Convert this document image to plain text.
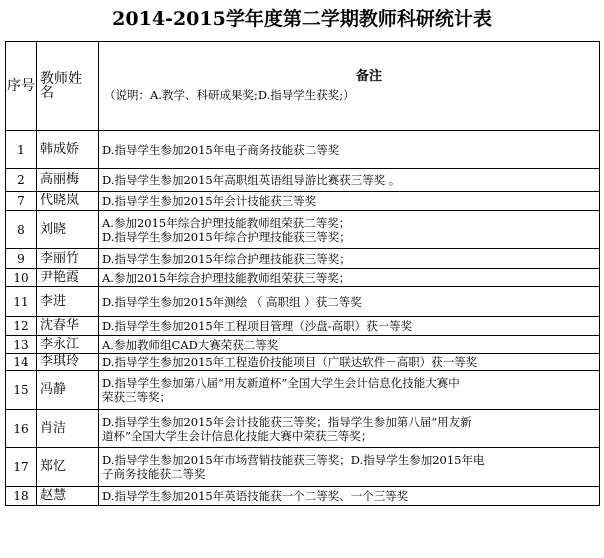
2014-2015学年度第二学期教师科研统计表
序号	教师姓名	备注
（说明：A.教学、科研成果奖;D.指导学生获奖;）

1	韩成娇	D.指导学生参加2015年电子商务技能获二等奖

2	高丽梅	D.指导学生参加2015年高职组英语组导游比赛获三等奖 。

7	代晓岚	D.指导学生参加2015年会计技能获三等奖

8	刘晓	A.参加2015年综合护理技能教师组荣获二等奖；
D.指导学生参加2015年综合护理技能获三等奖；

9	李丽竹	D.指导学生参加2015年综合护理技能获三等奖；

10	尹艳霞	A.参加2015年综合护理技能教师组荣获三等奖；

11	李进	D.指导学生参加2015年测绘 （ 高职组 ）获二等奖

12	沈春华	D.指导学生参加2015年工程项目管理（沙盘-高职）获一等奖

13	李永江	A.参加教师组CAD大赛荣获二等奖

14	李琪玲	D.指导学生参加2015年工程造价技能项目（广联达软件－高职）获一等奖

15	冯静	D.指导学生参加第八届“用友新道杯”全国大学生会计信息化技能大赛中
荣获三等奖；

16	肖洁	D.指导学生参加2015年会计技能获三等奖；指导学生参加第八届“用友新
道杯”全国大学生会计信息化技能大赛中荣获三等奖；

17	郑忆	D.指导学生参加2015年市场营销技能获三等奖；D.指导学生参加2015年电
子商务技能获二等奖

18	赵慧	D.指导学生参加2015年英语技能获一个二等奖、一个三等奖
